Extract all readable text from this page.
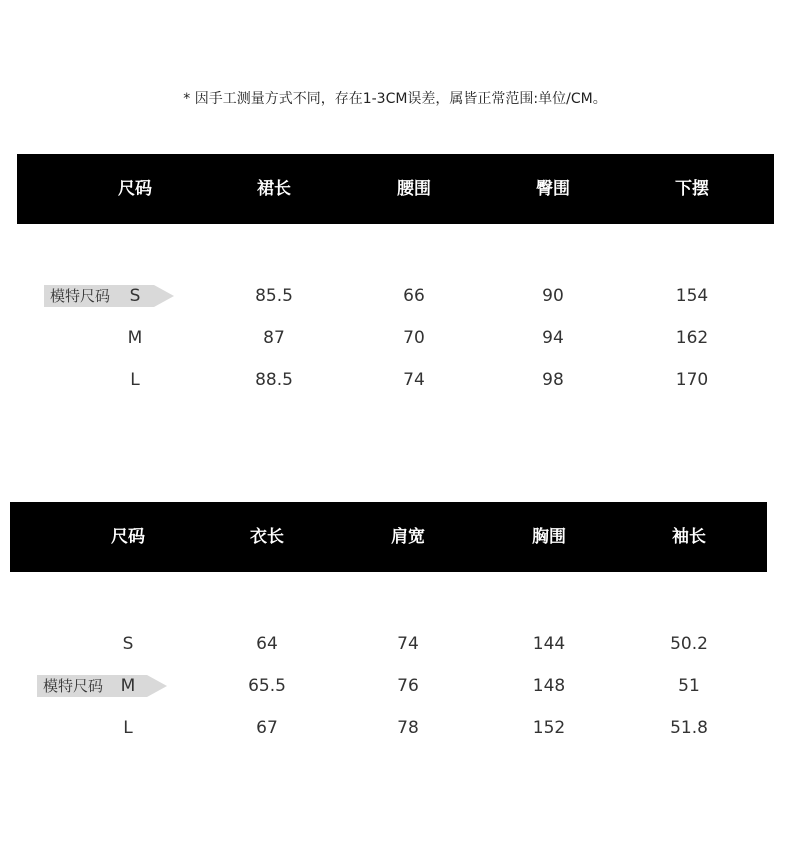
* 因手工测量方式不同，存在1-3CM误差，属皆正常范围:单位/CM。
尺码	裙长	腰围	臀围	下摆
模特尺码	S	85.5	66	90	154
M	87	70	94	162
L	88.5	74	98	170
尺码	衣长	肩宽	胸围	袖长
模特尺码
S	64	74	144	50.2
M	65.5	76	148	51
L	67	78	152	51.8
